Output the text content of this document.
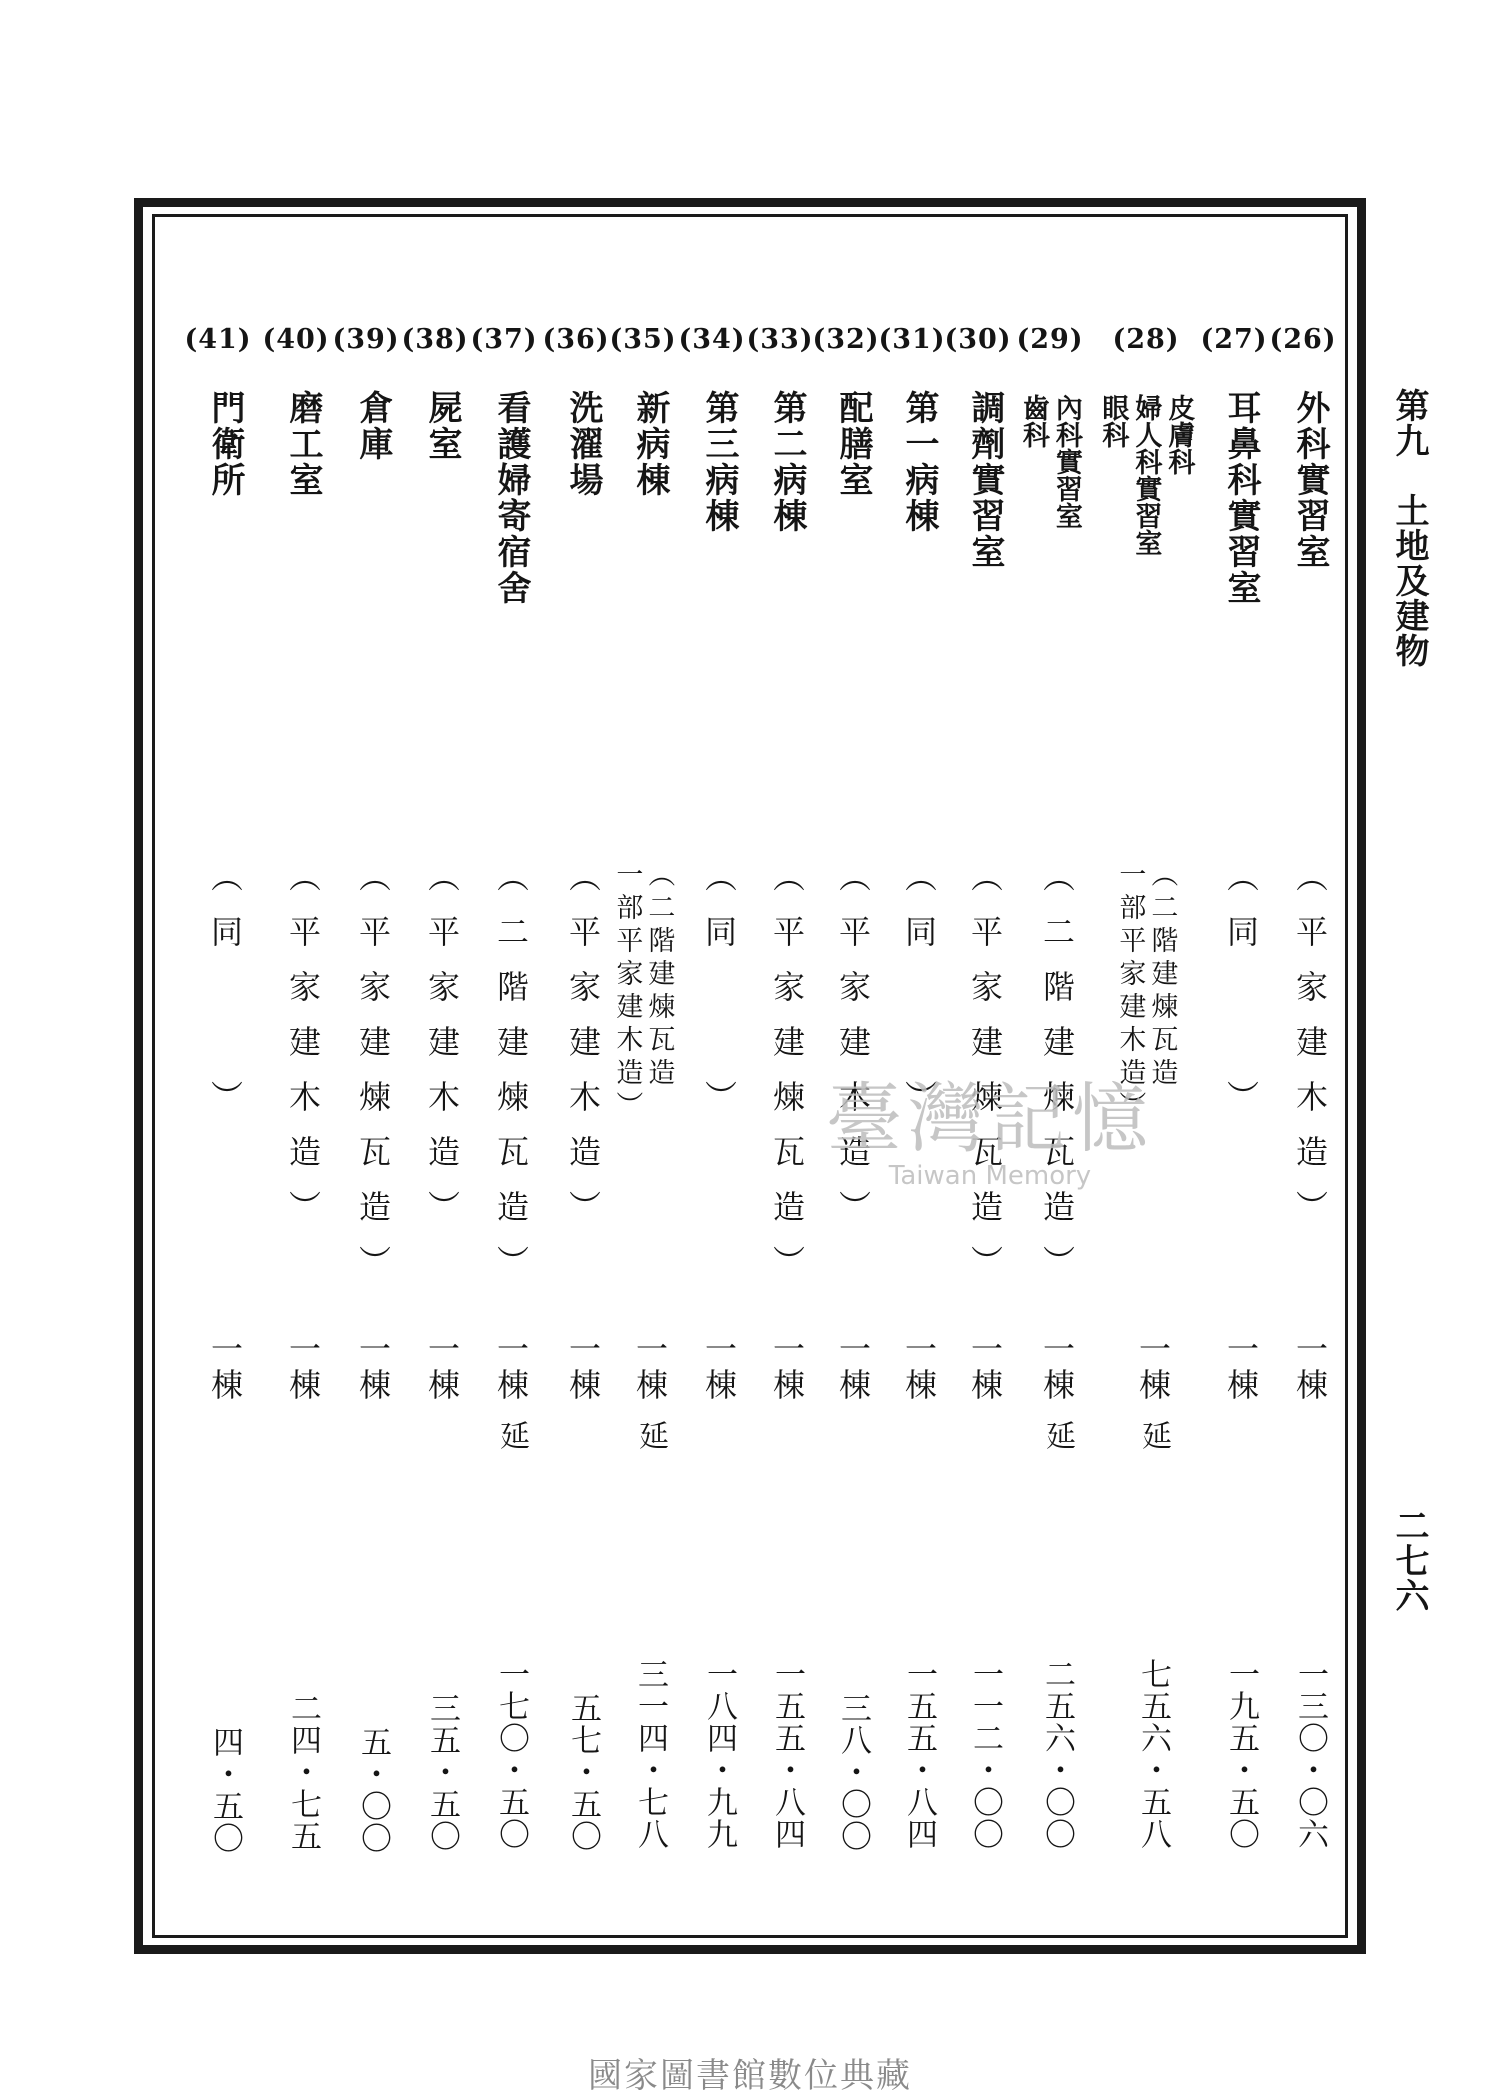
第九　土地及建物
二七六
(26)
外科實習室
（平家建木造）
一棟
一三〇・〇六
(27)
耳鼻科實習室
（同　　）
一棟
一九五・五〇
(28)
皮膚科
婦人科實習室
眼科
（二階建煉瓦造
一部平家建木造）
一棟
延
七五六・五八
(29)
內科實習室
齒科
（二階建煉瓦造）
一棟
延
二五六・〇〇
(30)
調劑實習室
（平家建煉瓦造）
一棟
一一二・〇〇
(31)
第一病棟
（同　　）
一棟
一五五・八四
(32)
配膳室
（平家建木造）
一棟
三八・〇〇
(33)
第二病棟
（平家建煉瓦造）
一棟
一五五・八四
(34)
第三病棟
（同　　）
一棟
一八四・九九
(35)
新病棟
（二階建煉瓦造
一部平家建木造）
一棟
延
三一四・七八
(36)
洗濯場
（平家建木造）
一棟
五七・五〇
(37)
看護婦寄宿舍
（二階建煉瓦造）
一棟
延
一七〇・五〇
(38)
屍室
（平家建木造）
一棟
三五・五〇
(39)
倉庫
（平家建煉瓦造）
一棟
五・〇〇
(40)
磨工室
（平家建木造）
一棟
二四・七五
(41)
門衛所
（同　　）
一棟
四・五〇
臺灣記憶
Taiwan Memory
國家圖書館數位典藏
